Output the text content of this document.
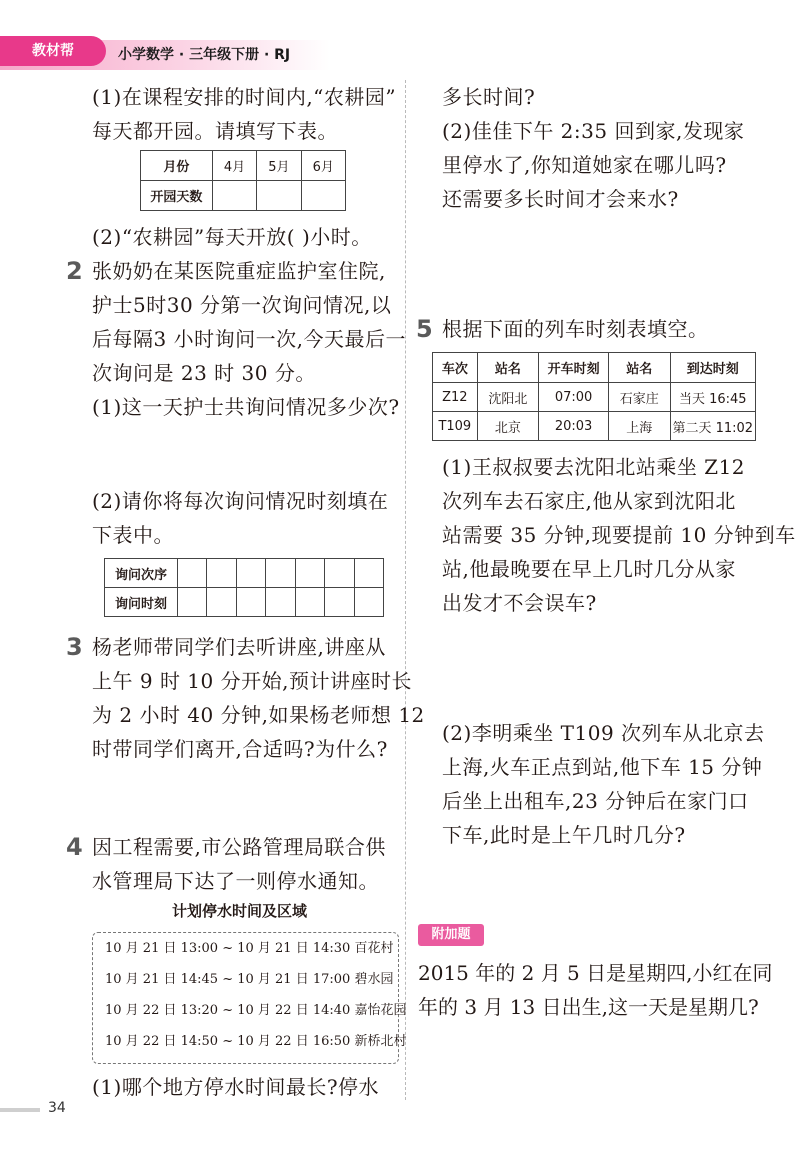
教材帮	小学数学 · 三年级下册 · RJ
(1)在课程安排的时间内,“农耕园”
每天都开园。请填写下表。
月份	4月	5月	6月
开园天数			
(2)“农耕园”每天开放( )小时。
2 张奶奶在某医院重症监护室住院,
护士5时30 分第一次询问情况,以
后每隔3 小时询问一次,今天最后一
次询问是 23 时 30 分。
(1)这一天护士共询问情况多少次?
(2)请你将每次询问情况时刻填在
下表中。
询问次序							
询问时刻							
3 杨老师带同学们去听讲座,讲座从
上午 9 时 10 分开始,预计讲座时长
为 2 小时 40 分钟,如果杨老师想 12
时带同学们离开,合适吗?为什么?
4 因工程需要,市公路管理局联合供
水管理局下达了一则停水通知。
计划停水时间及区域
10 月 21 日 13:00 ~ 10 月 21 日 14:30 百花村
10 月 21 日 14:45 ~ 10 月 21 日 17:00 碧水园
10 月 22 日 13:20 ~ 10 月 22 日 14:40 嘉怡花园
10 月 22 日 14:50 ~ 10 月 22 日 16:50 新桥北村
(1)哪个地方停水时间最长?停水
多长时间?
(2)佳佳下午 2:35 回到家,发现家
里停水了,你知道她家在哪儿吗?
还需要多长时间才会来水?
5 根据下面的列车时刻表填空。
车次	站名	开车时刻	站名	到达时刻
Z12	沈阳北	07:00	石家庄	当天 16:45
T109	北京	20:03	上海	第二天 11:02
(1)王叔叔要去沈阳北站乘坐 Z12
次列车去石家庄,他从家到沈阳北
站需要 35 分钟,现要提前 10 分钟到车
站,他最晚要在早上几时几分从家
出发才不会误车?
(2)李明乘坐 T109 次列车从北京去
上海,火车正点到站,他下车 15 分钟
后坐上出租车,23 分钟后在家门口
下车,此时是上午几时几分?
附加题
2015 年的 2 月 5 日是星期四,小红在同
年的 3 月 13 日出生,这一天是星期几?
34
